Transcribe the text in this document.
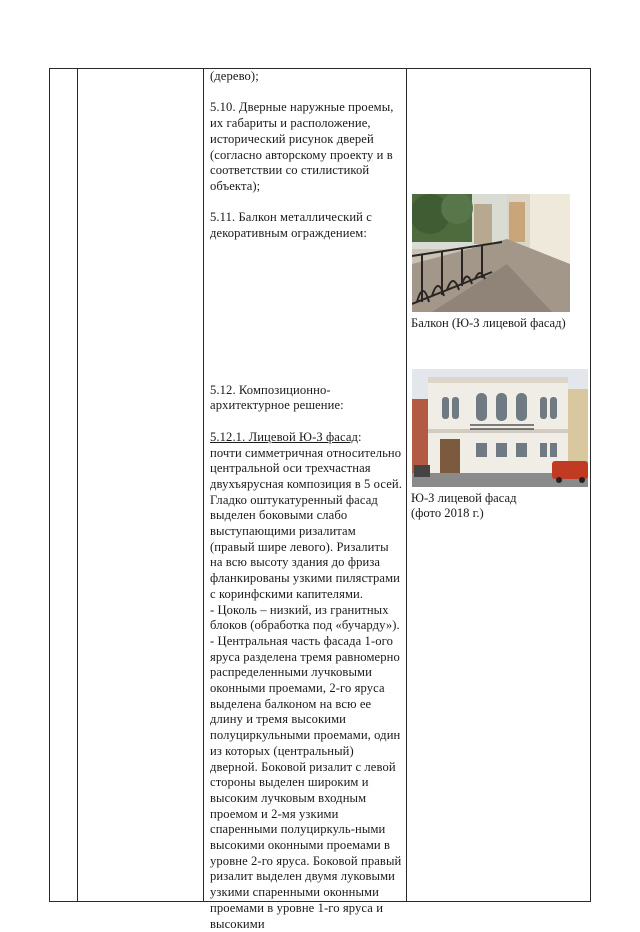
(дерево);

5.10. Дверные наружные проемы, их габариты и расположение, исторический рисунок дверей (согласно авторскому проекту и в соответствии со стилистикой объекта);

5.11. Балкон металлический с декоративным ограждением:

5.12. Композиционно-архитектурное решение:

5.12.1. Лицевой Ю-З фасад:

почти симметричная относительно центральной оси трехчастная двухъярусная композиция в 5 осей. Гладко оштукатуренный фасад выделен боковыми слабо выступающими ризалитам (правый шире левого). Ризалиты на всю высоту здания до фриза фланкированы узкими пилястрами с коринфскими капителями.

- Цоколь – низкий, из гранитных блоков (обработка под «бучарду»).

- Центральная часть фасада 1-ого яруса разделена тремя равномерно распределенными лучковыми оконными проемами, 2-го яруса выделена балконом на всю ее длину и тремя высокими полуциркульными проемами, один из которых (центральный) дверной. Боковой ризалит с левой стороны выделен широким и высоким лучковым входным проемом и 2-мя узкими спаренными полуциркуль-ными высокими оконными проемами в уровне 2-го яруса. Боковой правый ризалит выделен двумя луковыми узкими спаренными оконными проемами в уровне 1-го яруса и высокими

Балкон (Ю-З лицевой фасад)
Ю-З лицевой фасад
(фото 2018 г.)
